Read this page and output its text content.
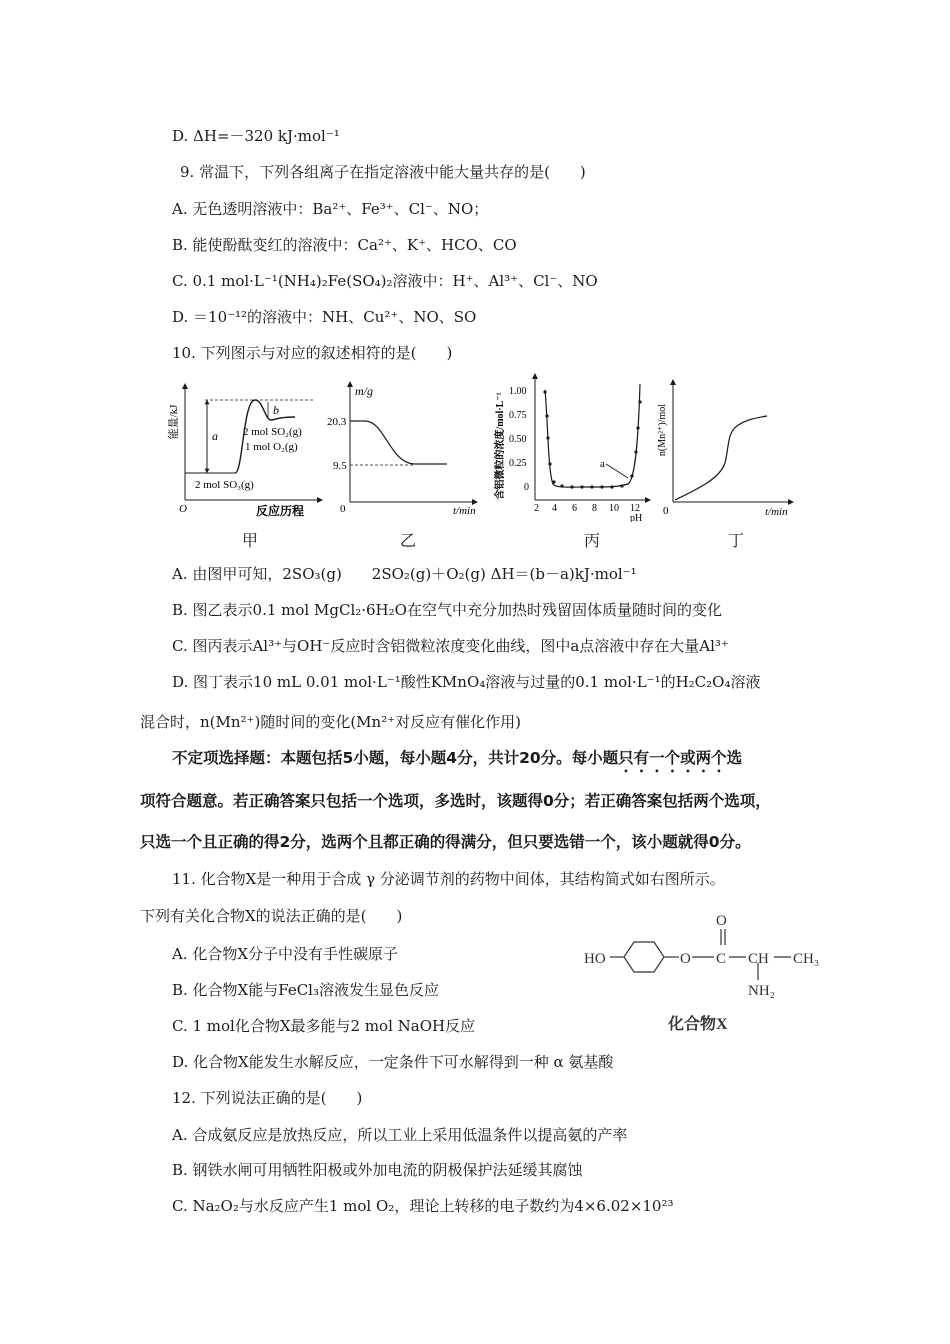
D. ΔH=－320 kJ·mol⁻¹
9. 常温下，下列各组离子在指定溶液中能大量共存的是(　　)
A. 无色透明溶液中：Ba²⁺、Fe³⁺、Cl⁻、NO；
B. 能使酚酞变红的溶液中：Ca²⁺、K⁺、HCO、CO
C. 0.1 mol·L⁻¹(NH₄)₂Fe(SO₄)₂溶液中：H⁺、Al³⁺、Cl⁻、NO
D. ＝10⁻¹²的溶液中：NH、Cu²⁺、NO、SO
10. 下列图示与对应的叙述相符的是(　　)
能量/kJ
反应历程
O
a
b
2 mol SO₂(g)
1 mol O₂(g)
2 mol SO₃(g)
甲
m/g
t/min
0
20.3
9.5
乙
含铝微粒的浓度/mol·L⁻¹
1.00
0.75
0.50
0.25
0
2 4 6 8 10 12
pH
a
丙
n(Mn²⁺)/mol
t/min
0
丁
A. 由图甲可知，2SO₃(g)　　2SO₂(g)＋O₂(g) ΔH＝(b－a)kJ·mol⁻¹
B. 图乙表示0.1 mol MgCl₂·6H₂O在空气中充分加热时残留固体质量随时间的变化
C. 图丙表示Al³⁺与OH⁻反应时含铝微粒浓度变化曲线，图中a点溶液中存在大量Al³⁺
D. 图丁表示10 mL 0.01 mol·L⁻¹酸性KMnO₄溶液与过量的0.1 mol·L⁻¹的H₂C₂O₄溶液
混合时，n(Mn²⁺)随时间的变化(Mn²⁺对反应有催化作用)
不定项选择题：本题包括5小题，每小题4分，共计20分。每小题只有一个或两个选
项符合题意。若正确答案只包括一个选项，多选时，该题得0分；若正确答案包括两个选项，
只选一个且正确的得2分，选两个且都正确的得满分，但只要选错一个，该小题就得0分。
11. 化合物X是一种用于合成 γ 分泌调节剂的药物中间体，其结构简式如右图所示。
下列有关化合物X的说法正确的是(　　)
A. 化合物X分子中没有手性碳原子
B. 化合物X能与FeCl₃溶液发生显色反应
C. 1 mol化合物X最多能与2 mol NaOH反应
D. 化合物X能发生水解反应，一定条件下可水解得到一种 α 氨基酸
HO	O C
O
CH CH₃
NH₂
化合物X
12. 下列说法正确的是(　　)
A. 合成氨反应是放热反应，所以工业上采用低温条件以提高氨的产率
B. 钢铁水闸可用牺牲阳极或外加电流的阴极保护法延缓其腐蚀
C. Na₂O₂与水反应产生1 mol O₂，理论上转移的电子数约为4×6.02×10²³
